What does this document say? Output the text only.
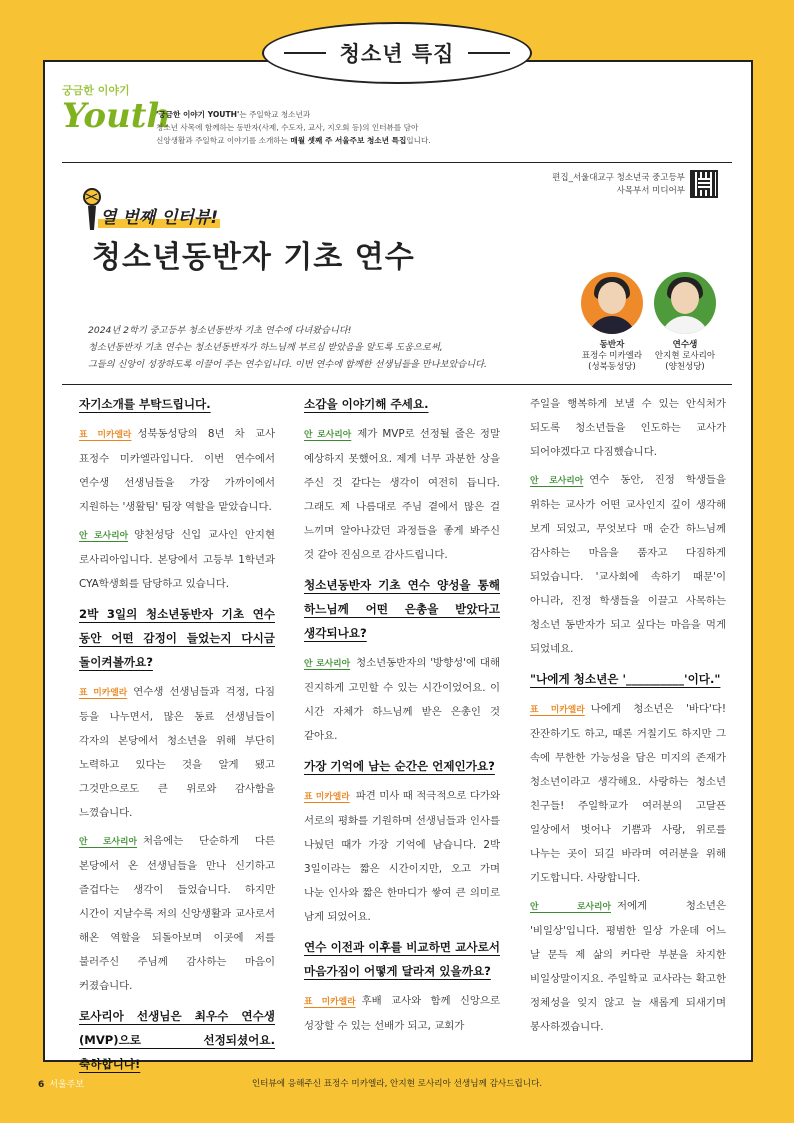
청소년 특집
궁금한 이야기
Youth
'궁금한 이야기 YOUTH'는 주일학교 청소년과
청소년 사목에 함께하는 동반자(사제, 수도자, 교사, 지오회 등)의 인터뷰를 담아
신앙생활과 주일학교 이야기를 소개하는 매월 셋째 주 서울주보 청소년 특집입니다.
편집_서울대교구 청소년국 중고등부
사목부서 미디어부
열 번째 인터뷰!
청소년동반자 기초 연수
2024년 2학기 중고등부 청소년동반자 기초 연수에 다녀왔습니다!
청소년동반자 기초 연수는 청소년동반자가 하느님께 부르심 받았음을 알도록 도움으로써,
그들의 신앙이 성장하도록 이끌어 주는 연수입니다. 이번 연수에 함께한 선생님들을 만나보았습니다.
동반자
표정수 미카엘라
(성북동성당)
연수생
안지현 로사리아
(양천성당)
자기소개를 부탁드립니다.
표 미카엘라 성북동성당의 8년 차 교사 표정수 미카엘라입니다. 이번 연수에서 연수생 선생님들을 가장 가까이에서 지원하는 '생활팀' 팀장 역할을 맡았습니다.
안 로사리아 양천성당 신입 교사인 안지현 로사리아입니다. 본당에서 고등부 1학년과 CYA학생회를 담당하고 있습니다.
2박 3일의 청소년동반자 기초 연수 동안 어떤 감정이 들었는지 다시금 돌이켜볼까요?
표 미카엘라 연수생 선생님들과 걱정, 다짐 등을 나누면서, 많은 동료 선생님들이 각자의 본당에서 청소년을 위해 부단히 노력하고 있다는 것을 알게 됐고 그것만으로도 큰 위로와 감사함을 느꼈습니다.
안 로사리아 처음에는 단순하게 다른 본당에서 온 선생님들을 만나 신기하고 즐겁다는 생각이 들었습니다. 하지만 시간이 지날수록 저의 신앙생활과 교사로서 해온 역할을 되돌아보며 이곳에 저를 불러주신 주님께 감사하는 마음이 커졌습니다.
로사리아 선생님은 최우수 연수생(MVP)으로 선정되셨어요. 축하합니다!
소감을 이야기해 주세요.
안 로사리아 제가 MVP로 선정될 줄은 정말 예상하지 못했어요. 제게 너무 과분한 상을 주신 것 같다는 생각이 여전히 듭니다. 그래도 제 나름대로 주님 곁에서 많은 걸 느끼며 알아나갔던 과정들을 좋게 봐주신 것 같아 진심으로 감사드립니다.
청소년동반자 기초 연수 양성을 통해 하느님께 어떤 은총을 받았다고 생각되나요?
안 로사리아 청소년동반자의 '방향성'에 대해 진지하게 고민할 수 있는 시간이었어요. 이 시간 자체가 하느님께 받은 은총인 것 같아요.
가장 기억에 남는 순간은 언제인가요?
표 미카엘라 파견 미사 때 적극적으로 다가와 서로의 평화를 기원하며 선생님들과 인사를 나눴던 때가 가장 기억에 남습니다. 2박 3일이라는 짧은 시간이지만, 오고 가며 나눈 인사와 짧은 한마디가 쌓여 큰 의미로 남게 되었어요.
연수 이전과 이후를 비교하면 교사로서 마음가짐이 어떻게 달라져 있을까요?
표 미카엘라 후배 교사와 함께 신앙으로 성장할 수 있는 선배가 되고, 교회가
주일을 행복하게 보낼 수 있는 안식처가 되도록 청소년들을 인도하는 교사가 되어야겠다고 다짐했습니다.
안 로사리아 연수 동안, 진정 학생들을 위하는 교사가 어떤 교사인지 깊이 생각해 보게 되었고, 무엇보다 매 순간 하느님께 감사하는 마음을 품자고 다짐하게 되었습니다. '교사회에 속하기 때문'이 아니라, 진정 학생들을 이끌고 사목하는 청소년 동반자가 되고 싶다는 마음을 먹게 되었네요.
"나에게 청소년은 '__________'이다."
표 미카엘라 나에게 청소년은 '바다'다! 잔잔하기도 하고, 때론 거칠기도 하지만 그 속에 무한한 가능성을 담은 미지의 존재가 청소년이라고 생각해요. 사랑하는 청소년 친구들! 주일학교가 여러분의 고달픈 일상에서 벗어나 기쁨과 사랑, 위로를 나누는 곳이 되길 바라며 여러분을 위해 기도합니다. 사랑합니다.
안 로사리아 저에게 청소년은 '비일상'입니다. 평범한 일상 가운데 어느 날 문득 제 삶의 커다란 부분을 차지한 비일상말이지요. 주일학교 교사라는 확고한 정체성을 잊지 않고 늘 새롭게 되새기며 봉사하겠습니다.
인터뷰에 응해주신 표정수 미카엘라, 안지현 로사리아 선생님께 감사드립니다.
6 서울주보
